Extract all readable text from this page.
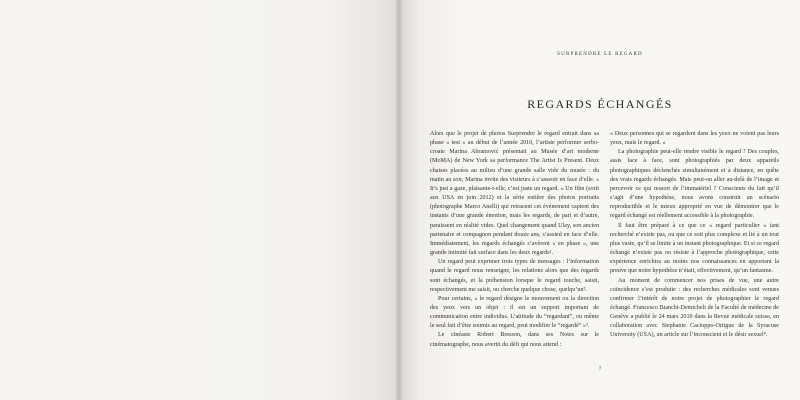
SURPRENDRE LE REGARD
REGARDS ÉCHANGÉS

Alors que le projet de photos Surprendre le regard entrait dans sa phase « test » au début de l’année 2010, l’artiste performer serbo-croate Marina Abramović présentait au Musée d’art moderne (MoMA) de New York sa performance The Artist Is Present. Deux chaises placées au milieu d’une grande salle vide du musée : du matin au soir, Marina invite des visiteurs à s’asseoir en face d’elle. « It’s just a gaze, plaisante-t-elle, c’est juste un regard. » Un film (sorti aux USA en juin 2012) et la série entière des photos portraits (photographe Marco Anelli) qui retracent cet événement captent des instants d’une grande émotion, mais les regards, de part et d’autre, paraissent en réalité vides. Quel changement quand Ulay, son ancien partenaire et compagnon pendant douze ans, s’assied en face d’elle. Immédiatement, les regards échangés s’avèrent « en phase », une grande intimité fait surface dans les deux regards¹.

Un regard peut exprimer trois types de messages : l’information quand le regard nous renseigne, les relations alors que des regards sont échangés, et la préhension lorsque le regard touche, saisit, respectivement me saisit, ou cherche quelque chose, quelqu’un².

Pour certains, « le regard désigne le mouvement ou la direction des yeux vers un objet : il est un support important de communication entre individus. L’attitude du “regardant”, ou même le seul fait d’être soumis au regard, peut modifier le “regardé” »³.

Le cinéaste Robert Bresson, dans ses Notes sur le cinématographe, nous avertit du défi qui nous attend :

« Deux personnes qui se regardent dans les yeux ne voient pas leurs yeux, mais le regard. »

La photographie peut-elle rendre visible le regard ? Des couples, assis face à face, sont photographiés par deux appareils photographiques déclenchés simultanément et à distance, en quête des vrais regards échangés. Mais peut-on aller au-delà de l’image et percevoir ce qui ressort de l’immatériel ? Conscients du fait qu’il s’agit d’une hypothèse, nous avons construit un scénario reproductible et le mieux approprié en vue de démontrer que le regard échangé est réellement accessible à la photographie.

Il faut être préparé à ce que ce « regard particulier » tant recherché n’existe pas, ou que ce soit plus complexe et lié à un tout plus vaste, qu’il se limite à un instant photographique. Et si ce regard échangé n’existe pas ou résiste à l’approche photographique, cette expérience enrichira au moins nos connaissances en apportant la preuve que notre hypothèse n’était, effectivement, qu’un fantasme.

Au moment de commencer nos prises de vue, une autre coïncidence s’est produite : des recherches médicales sont venues confirmer l’intérêt de notre projet de photographier le regard échangé. Francesco Bianchi-Demicheli de la Faculté de médecine de Genève a publié le 24 mars 2010 dans la Revue médicale suisse, en collaboration avec Stephanie Cacioppo-Ortigue de la Syracuse University (USA), un article sur l’inconscient et le désir sexuel⁴.

7
